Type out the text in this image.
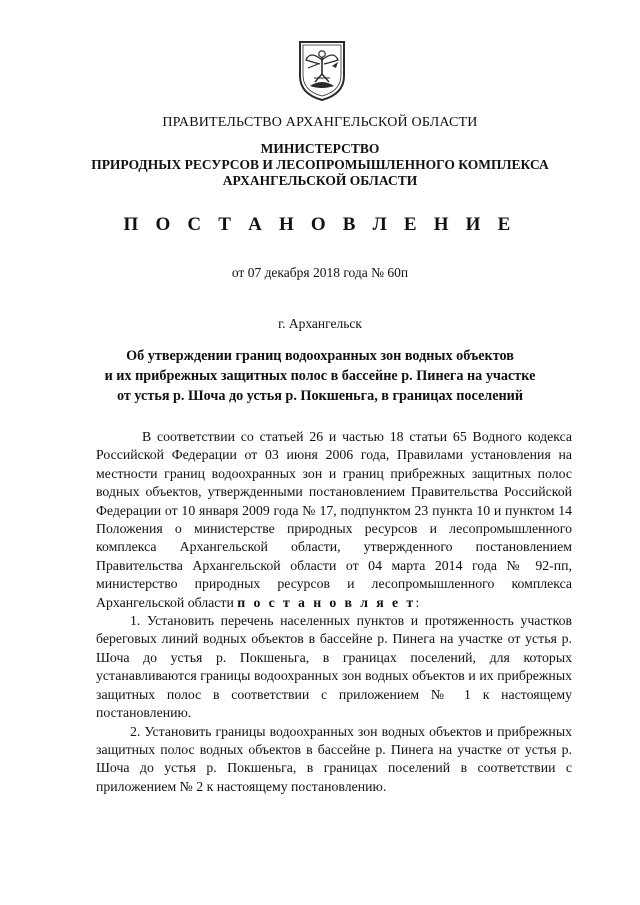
ПРАВИТЕЛЬСТВО АРХАНГЕЛЬСКОЙ ОБЛАСТИ
МИНИСТЕРСТВО
ПРИРОДНЫХ РЕСУРСОВ И ЛЕСОПРОМЫШЛЕННОГО КОМПЛЕКСА
АРХАНГЕЛЬСКОЙ ОБЛАСТИ
П О С Т А Н О В Л Е Н И Е
от 07 декабря 2018 года № 60п
г. Архангельск
Об утверждении границ водоохранных зон водных объектов
и их прибрежных защитных полос в бассейне р. Пинега на участке
от устья р. Шоча до устья р. Покшеньга, в границах поселений

В соответствии со статьей 26 и частью 18 статьи 65 Водного кодекса Российской Федерации от 03 июня 2006 года, Правилами установления на местности границ водоохранных зон и границ прибрежных защитных полос водных объектов, утвержденными постановлением Правительства Российской Федерации от 10 января 2009 года № 17, подпунктом 23 пункта 10 и пунктом 14 Положения о министерстве природных ресурсов и лесопромышленного комплекса Архангельской области, утвержденного постановлением Правительства Архангельской области от 04 марта 2014 года № 92-пп, министерство природных ресурсов и лесопромышленного комплекса Архангельской области п о с т а н о в л я е т:

1. Установить перечень населенных пунктов и протяженность участков береговых линий водных объектов в бассейне р. Пинега на участке от устья р. Шоча до устья р. Покшеньга, в границах поселений, для которых устанавливаются границы водоохранных зон водных объектов и их прибрежных защитных полос в соответствии с приложением № 1 к настоящему постановлению.

2. Установить границы водоохранных зон водных объектов и прибрежных защитных полос водных объектов в бассейне р. Пинега на участке от устья р. Шоча до устья р. Покшеньга, в границах поселений в соответствии с приложением № 2 к настоящему постановлению.
